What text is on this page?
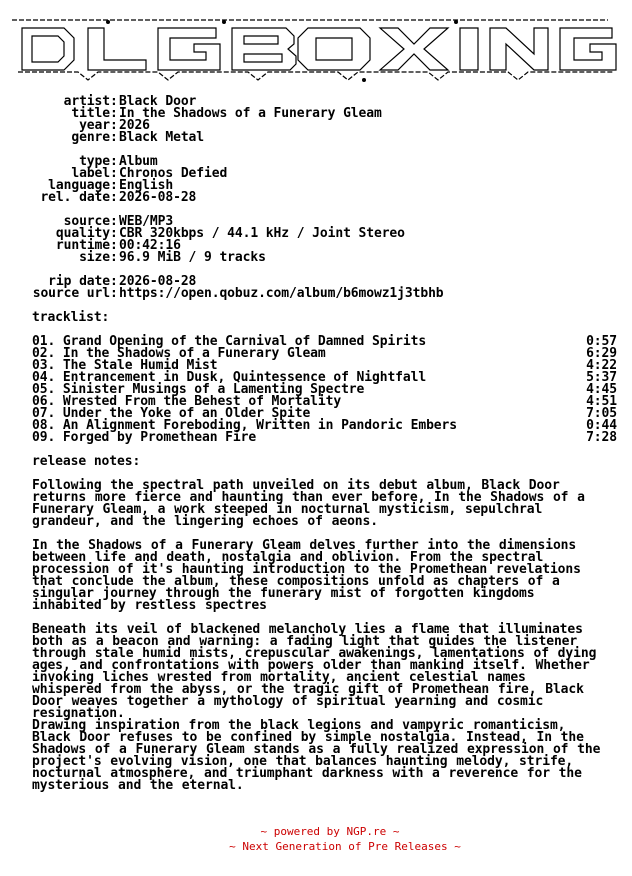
artist:Black Door
title:In the Shadows of a Funerary Gleam
year:2026
genre:Black Metal
type:Album
label:Chronos Defied
language:English
rel. date:2026-08-28
source:WEB/MP3
quality:CBR 320kbps / 44.1 kHz / Joint Stereo
runtime:00:42:16
size:96.9 MiB / 9 tracks
rip date:2026-08-28
source url:https://open.qobuz.com/album/b6mowz1j3tbhb
tracklist:
01. Grand Opening of the Carnival of Damned Spirits	0:57
02. In the Shadows of a Funerary Gleam	6:29
03. The Stale Humid Mist	4:22
04. Entrancement in Dusk, Quintessence of Nightfall	5:37
05. Sinister Musings of a Lamenting Spectre	4:45
06. Wrested From the Behest of Mortality	4:51
07. Under the Yoke of an Older Spite	7:05
08. An Alignment Foreboding, Written in Pandoric Embers	0:44
09. Forged by Promethean Fire	7:28
release notes:
Following the spectral path unveiled on its debut album, Black Door returns more fierce and haunting than ever before, In the Shadows of a Funerary Gleam, a work steeped in nocturnal mysticism, sepulchral grandeur, and the lingering echoes of aeons.
In the Shadows of a Funerary Gleam delves further into the dimensions between life and death, nostalgia and oblivion. From the spectral procession of it's haunting introduction to the Promethean revelations that conclude the album, these compositions unfold as chapters of a singular journey through the funerary mist of forgotten kingdoms inhabited by restless spectres
Beneath its veil of blackened melancholy lies a flame that illuminates both as a beacon and warning: a fading light that guides the listener through stale humid mists, crepuscular awakenings, lamentations of dying ages, and confrontations with powers older than mankind itself. Whether invoking liches wrested from mortality, ancient celestial names whispered from the abyss, or the tragic gift of Promethean fire, Black Door weaves together a mythology of spiritual yearning and cosmic resignation.
Drawing inspiration from the black legions and vampyric romanticism, Black Door refuses to be confined by simple nostalgia. Instead, In the Shadows of a Funerary Gleam stands as a fully realized expression of the project's evolving vision, one that balances haunting melody, strife, nocturnal atmosphere, and triumphant darkness with a reverence for the mysterious and the eternal.
~ powered by NGP.re ~
~ Next Generation of Pre Releases ~
